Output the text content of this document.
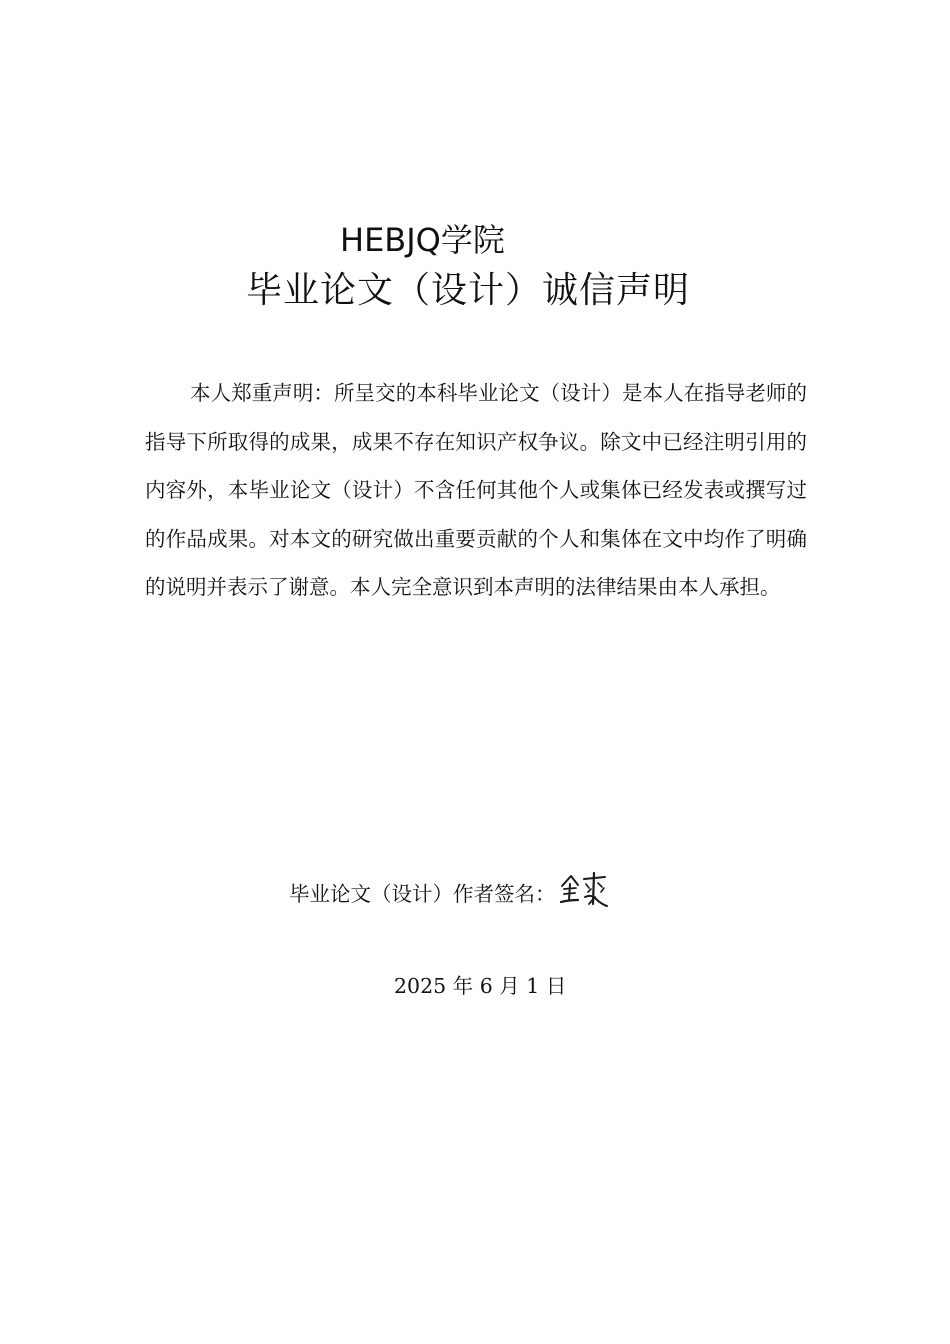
HEBJQ学院
毕业论文（设计）诚信声明

本人郑重声明：所呈交的本科毕业论文（设计）是本人在指导老师的指导下所取得的成果，成果不存在知识产权争议。除文中已经注明引用的内容外，本毕业论文（设计）不含任何其他个人或集体已经发表或撰写过的作品成果。对本文的研究做出重要贡献的个人和集体在文中均作了明确的说明并表示了谢意。本人完全意识到本声明的法律结果由本人承担。

毕业论文（设计）作者签名：
2025 年 6 月 1 日
